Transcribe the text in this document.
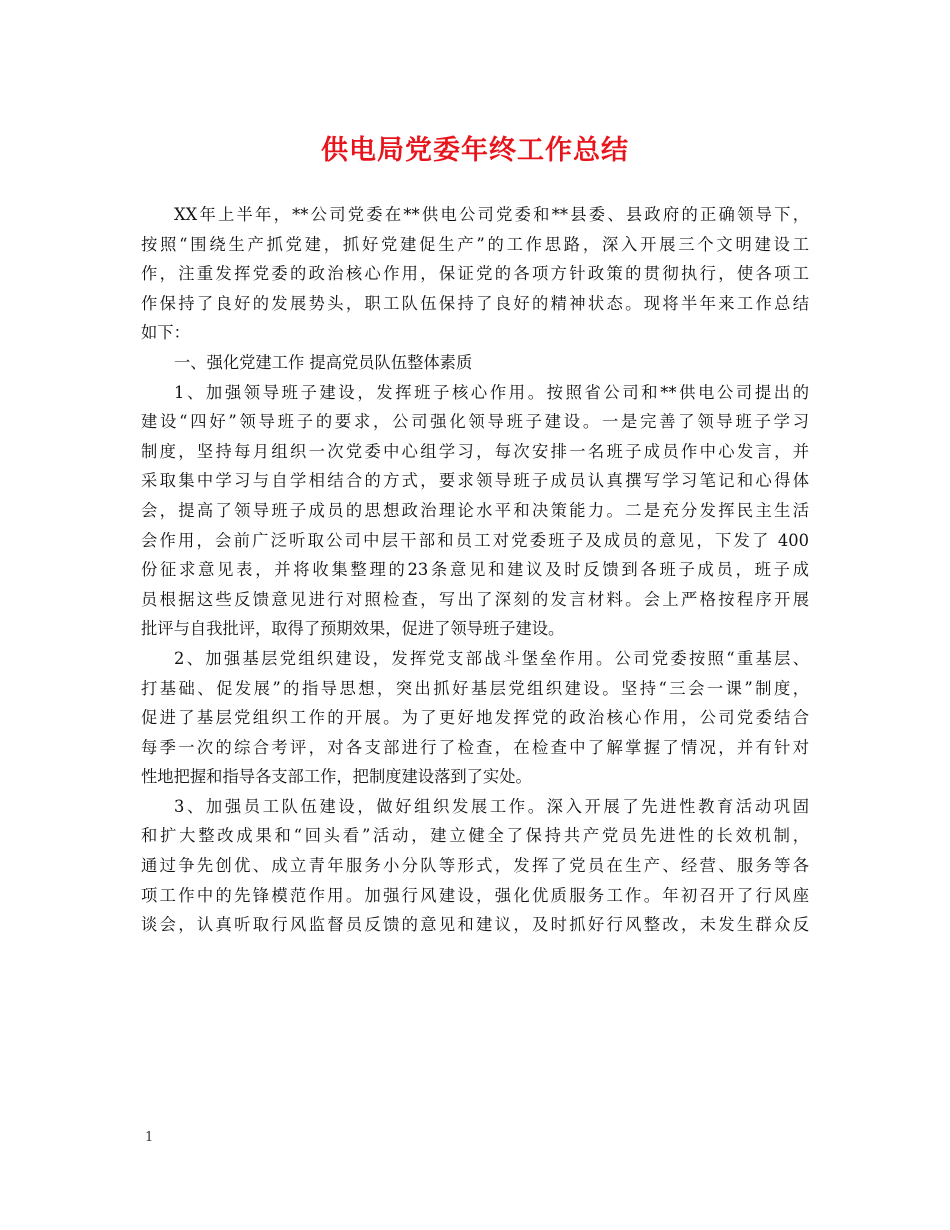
供电局党委年终工作总结
XX年上半年，**公司党委在**供电公司党委和**县委、县政府的正确领导下，
按照“围绕生产抓党建，抓好党建促生产”的工作思路，深入开展三个文明建设工
作，注重发挥党委的政治核心作用，保证党的各项方针政策的贯彻执行，使各项工
作保持了良好的发展势头，职工队伍保持了良好的精神状态。现将半年来工作总结
如下：
一、强化党建工作 提高党员队伍整体素质
1、加强领导班子建设，发挥班子核心作用。按照省公司和**供电公司提出的
建设“四好”领导班子的要求，公司强化领导班子建设。一是完善了领导班子学习
制度，坚持每月组织一次党委中心组学习，每次安排一名班子成员作中心发言，并
采取集中学习与自学相结合的方式，要求领导班子成员认真撰写学习笔记和心得体
会，提高了领导班子成员的思想政治理论水平和决策能力。二是充分发挥民主生活
会作用，会前广泛听取公司中层干部和员工对党委班子及成员的意见，下发了 400
份征求意见表，并将收集整理的23条意见和建议及时反馈到各班子成员，班子成
员根据这些反馈意见进行对照检查，写出了深刻的发言材料。会上严格按程序开展
批评与自我批评，取得了预期效果，促进了领导班子建设。
2、加强基层党组织建设，发挥党支部战斗堡垒作用。公司党委按照“重基层、
打基础、促发展”的指导思想，突出抓好基层党组织建设。坚持“三会一课”制度，
促进了基层党组织工作的开展。为了更好地发挥党的政治核心作用，公司党委结合
每季一次的综合考评，对各支部进行了检查，在检查中了解掌握了情况，并有针对
性地把握和指导各支部工作，把制度建设落到了实处。
3、加强员工队伍建设，做好组织发展工作。深入开展了先进性教育活动巩固
和扩大整改成果和“回头看”活动，建立健全了保持共产党员先进性的长效机制，
通过争先创优、成立青年服务小分队等形式，发挥了党员在生产、经营、服务等各
项工作中的先锋模范作用。加强行风建设，强化优质服务工作。年初召开了行风座
谈会，认真听取行风监督员反馈的意见和建议，及时抓好行风整改，未发生群众反
1
